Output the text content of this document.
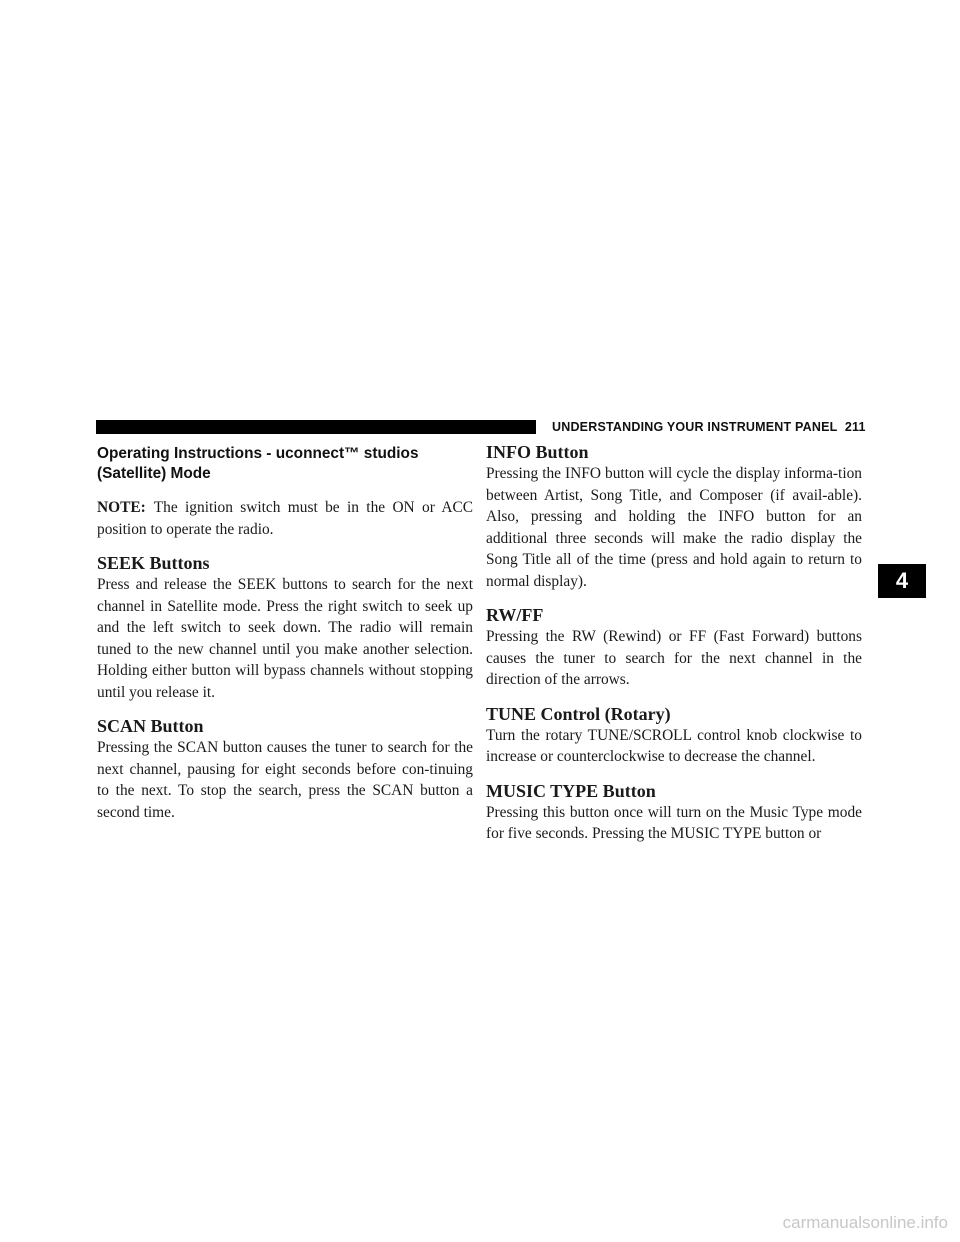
UNDERSTANDING YOUR INSTRUMENT PANEL 211
Operating Instructions - uconnect™ studios (Satellite) Mode

NOTE: The ignition switch must be in the ON or ACC position to operate the radio.

SEEK Buttons

Press and release the SEEK buttons to search for the next channel in Satellite mode. Press the right switch to seek up and the left switch to seek down. The radio will remain tuned to the new channel until you make another selection. Holding either button will bypass channels without stopping until you release it.

SCAN Button

Pressing the SCAN button causes the tuner to search for the next channel, pausing for eight seconds before con-tinuing to the next. To stop the search, press the SCAN button a second time.

INFO Button

Pressing the INFO button will cycle the display informa-tion between Artist, Song Title, and Composer (if avail-able). Also, pressing and holding the INFO button for an additional three seconds will make the radio display the Song Title all of the time (press and hold again to return to normal display).

RW/FF

Pressing the RW (Rewind) or FF (Fast Forward) buttons causes the tuner to search for the next channel in the direction of the arrows.

TUNE Control (Rotary)

Turn the rotary TUNE/SCROLL control knob clockwise to increase or counterclockwise to decrease the channel.

MUSIC TYPE Button

Pressing this button once will turn on the Music Type mode for five seconds. Pressing the MUSIC TYPE button or

4
carmanualsonline.info
